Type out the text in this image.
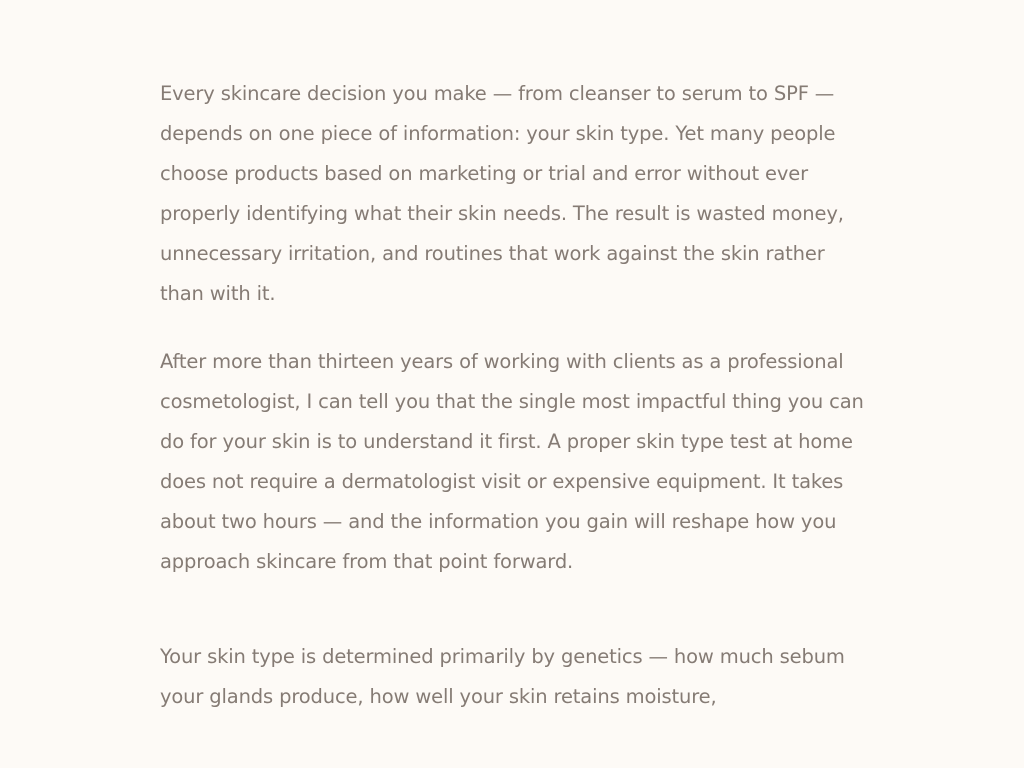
Every skincare decision you make — from cleanser to serum to SPF — depends on one piece of information: your skin type. Yet many people choose products based on marketing or trial and error without ever properly identifying what their skin needs. The result is wasted money, unnecessary irritation, and routines that work against the skin rather than with it.

After more than thirteen years of working with clients as a professional cosmetologist, I can tell you that the single most impactful thing you can do for your skin is to understand it first. A proper skin type test at home does not require a dermatologist visit or expensive equipment. It takes about two hours — and the information you gain will reshape how you approach skincare from that point forward.

Your skin type is determined primarily by genetics — how much sebum your glands produce, how well your skin retains moisture,
